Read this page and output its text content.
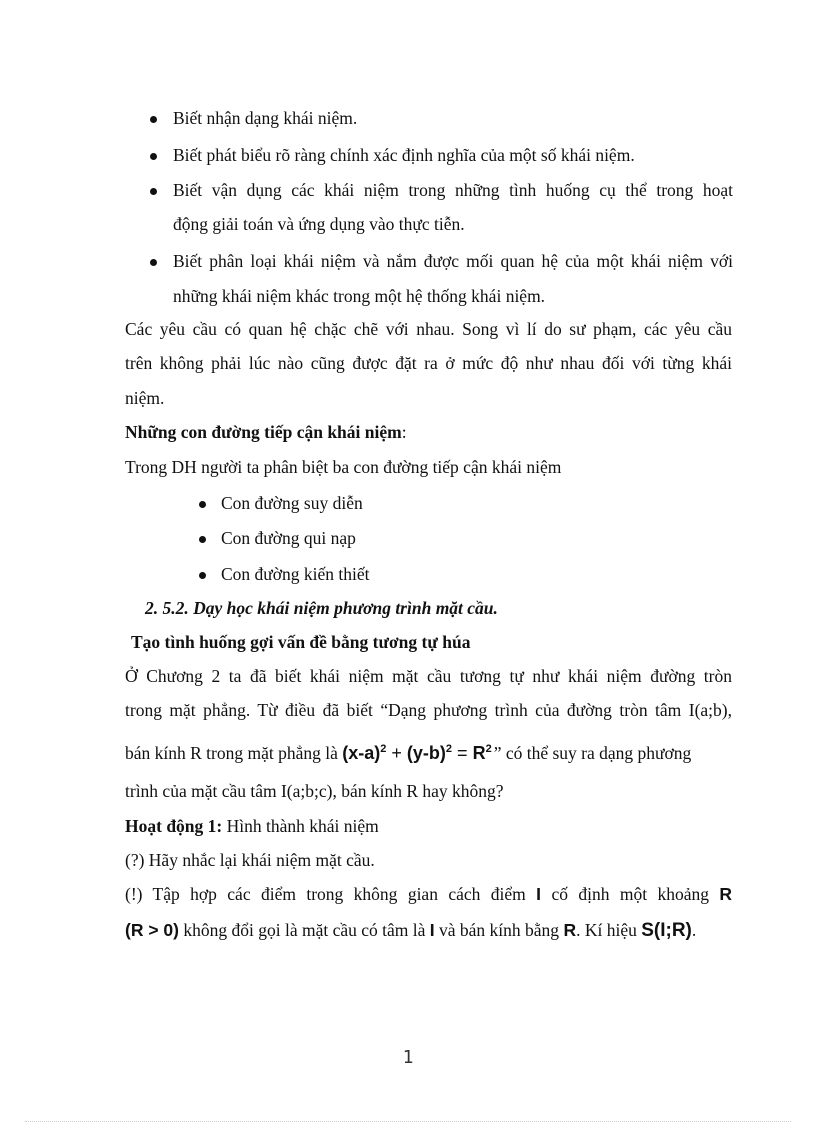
Biết nhận dạng khái niệm.
Biết phát biểu rõ ràng chính xác định nghĩa của một số khái niệm.
Biết vận dụng các khái niệm trong những tình huống cụ thể trong hoạt
động giải toán và ứng dụng vào thực tiễn.
Biết phân loại khái niệm và nắm được mối quan hệ của một khái niệm với
những khái niệm khác trong một hệ thống khái niệm.
Các yêu cầu có quan hệ chặc chẽ với nhau. Song vì lí do sư phạm, các yêu cầu
trên không phải lúc nào cũng được đặt ra ở mức độ như nhau đối với từng khái
niệm.
Những con đường tiếp cận khái niệm:
Trong DH người ta phân biệt ba con đường tiếp cận khái niệm
Con đường suy diễn
Con đường qui nạp
Con đường kiến thiết
2. 5.2. Dạy học khái niệm phương trình mặt cầu.
Tạo tình huống gợi vấn đề bằng tương tự húa
Ở Chương 2 ta đã biết khái niệm mặt cầu tương tự như khái niệm đường tròn
trong mặt phẳng. Từ điều đã biết “Dạng phương trình của đường tròn tâm I(a;b),
bán kính R trong mặt phẳng là $(x-a)^2 + (y-b)^2 = R^2$ ” có thể suy ra dạng phương
trình của mặt cầu tâm I(a;b;c), bán kính R hay không?
Hoạt động 1: Hình thành khái niệm
(?) Hãy nhắc lại khái niệm mặt cầu.
(!) Tập hợp các điểm trong không gian cách điểm I cố định một khoảng R
(R > 0) không đổi gọi là mặt cầu có tâm là I và bán kính bằng R. Kí hiệu S(I;R).
1
